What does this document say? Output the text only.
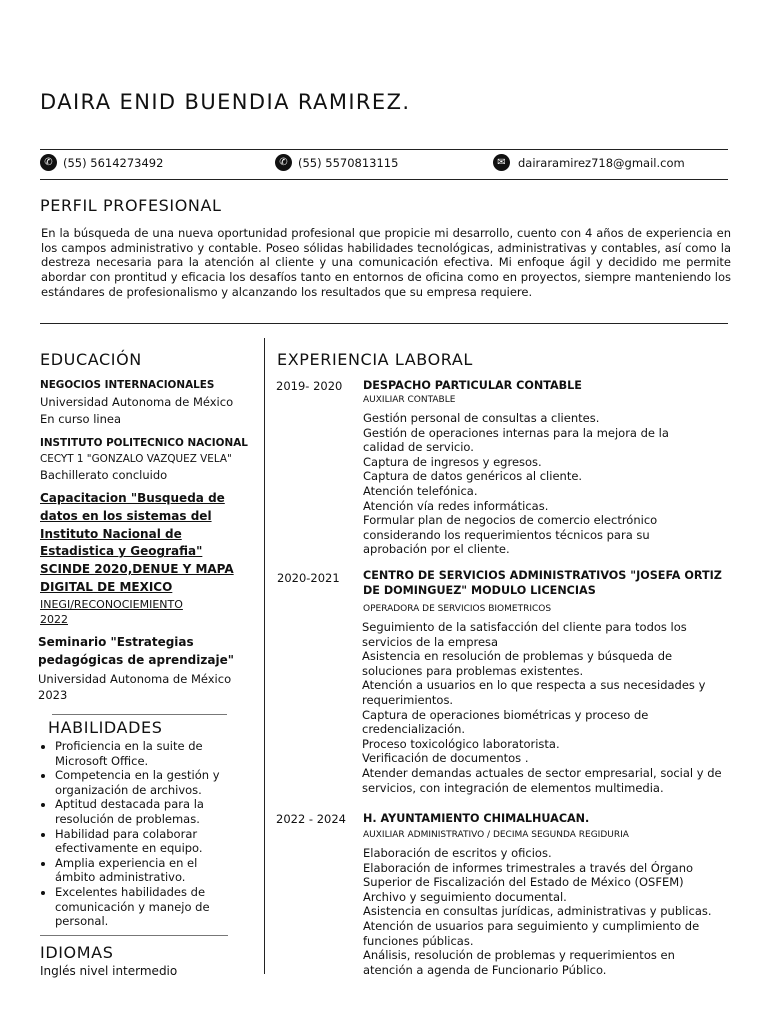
DAIRA ENID BUENDIA RAMIREZ.
✆ (55) 5614273492	✆ (55) 5570813115	✉	dairaramirez718@gmail.com
PERFIL PROFESIONAL
En la búsqueda de una nueva oportunidad profesional que propicie mi desarrollo, cuento con 4 años de experiencia en los campos administrativo y contable. Poseo sólidas habilidades tecnológicas, administrativas y contables, así como la destreza necesaria para la atención al cliente y una comunicación efectiva. Mi enfoque ágil y decidido me permite abordar con prontitud y eficacia los desafíos tanto en entornos de oficina como en proyectos, siempre manteniendo los estándares de profesionalismo y alcanzando los resultados que su empresa requiere.
EDUCACIÓN
NEGOCIOS INTERNACIONALES
Universidad Autonoma de México
En curso linea
INSTITUTO POLITECNICO NACIONAL
CECYT 1 "GONZALO VAZQUEZ VELA"
Bachillerato concluido
Capacitacion "Busqueda de datos en los sistemas del Instituto Nacional de Estadistica y Geografia" SCINDE 2020,DENUE Y MAPA DIGITAL DE MEXICO
INEGI/RECONOCIEMIENTO
2022
Seminario "Estrategias pedagógicas de aprendizaje"
Universidad Autonoma de México
2023
HABILIDADES
• Proficiencia en la suite de Microsoft Office.
• Competencia en la gestión y organización de archivos.
• Aptitud destacada para la resolución de problemas.
• Habilidad para colaborar efectivamente en equipo.
• Amplia experiencia en el ámbito administrativo.
• Excelentes habilidades de comunicación y manejo de personal.
IDIOMAS
Inglés nivel intermedio
EXPERIENCIA LABORAL
2019- 2020 DESPACHO PARTICULAR CONTABLE
AUXILIAR CONTABLE
Gestión personal de consultas a clientes.
Gestión de operaciones internas para la mejora de la calidad de servicio.
Captura de ingresos y egresos.
Captura de datos genéricos al cliente.
Atención telefónica.
Atención vía redes informáticas.
Formular plan de negocios de comercio electrónico considerando los requerimientos técnicos para su aprobación por el cliente.
2020-2021 CENTRO DE SERVICIOS ADMINISTRATIVOS "JOSEFA ORTIZ DE DOMINGUEZ" MODULO LICENCIAS
OPERADORA DE SERVICIOS BIOMETRICOS
Seguimiento de la satisfacción del cliente para todos los servicios de la empresa
Asistencia en resolución de problemas y búsqueda de soluciones para problemas existentes.
Atención a usuarios en lo que respecta a sus necesidades y requerimientos.
Captura de operaciones biométricas y proceso de credencialización.
Proceso toxicológico laboratorista.
Verificación de documentos .
Atender demandas actuales de sector empresarial, social y de servicios, con integración de elementos multimedia.
2022 - 2024 H. AYUNTAMIENTO CHIMALHUACAN.
AUXILIAR ADMINISTRATIVO / DECIMA SEGUNDA REGIDURIA
Elaboración de escritos y oficios.
Elaboración de informes trimestrales a través del Órgano Superior de Fiscalización del Estado de México (OSFEM)
Archivo y seguimiento documental.
Asistencia en consultas jurídicas, administrativas y publicas.
Atención de usuarios para seguimiento y cumplimiento de funciones públicas.
Análisis, resolución de problemas y requerimientos en atención a agenda de Funcionario Público.
